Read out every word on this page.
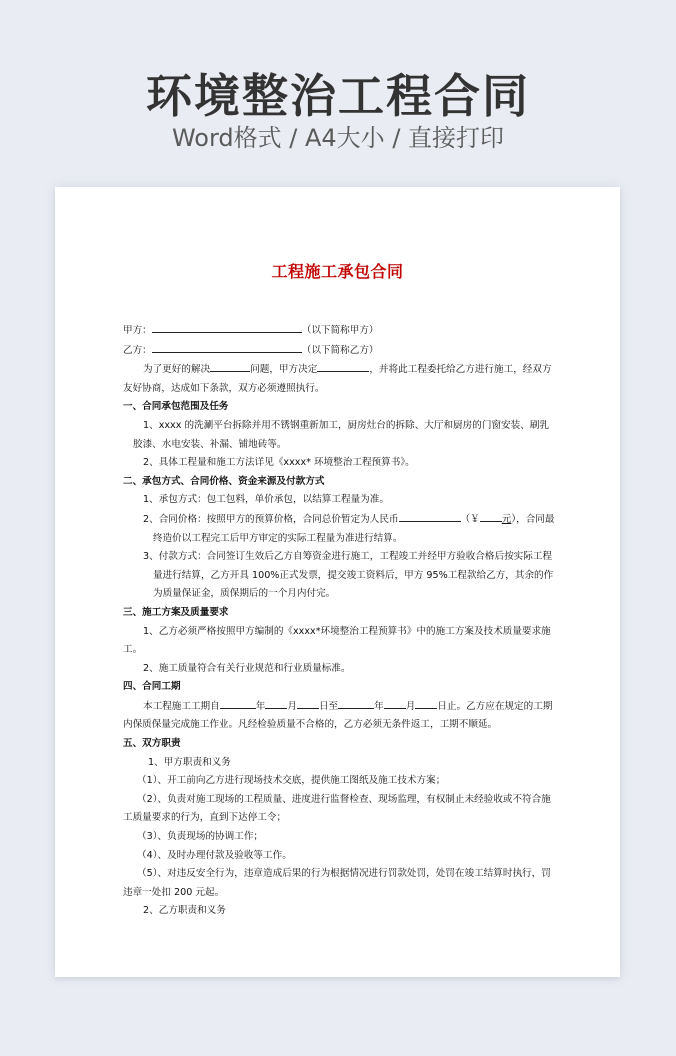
环境整治工程合同
Word格式 / A4大小 / 直接打印
工程施工承包合同
甲方：	（以下简称甲方）
乙方：	（以下简称乙方）
为了更好的解决	问题，甲方决定	，并将此工程委托给乙方进行施工，经双方友好协商，达成如下条款，双方必须遵照执行。
一、合同承包范围及任务
1、xxxx 的洗涮平台拆除并用不锈钢重新加工，厨房灶台的拆除、大厅和厨房的门窗安装、刷乳胶漆、水电安装、补漏、铺地砖等。
2、具体工程量和施工方法详见《xxxx* 环境整治工程预算书》。
二、承包方式、合同价格、资金来源及付款方式
1、承包方式：包工包料，单价承包，以结算工程量为准。
2、合同价格：按照甲方的预算价格，合同总价暂定为人民币	（￥ 元），合同最终造价以工程完工后甲方审定的实际工程量为准进行结算。
3、付款方式：合同签订生效后乙方自筹资金进行施工，工程竣工并经甲方验收合格后按实际工程量进行结算，乙方开具 100%正式发票，提交竣工资料后，甲方 95%工程款给乙方，其余的作为质量保证金，质保期后的一个月内付完。
三、施工方案及质量要求
1、乙方必须严格按照甲方编制的《xxxx*环境整治工程预算书》中的施工方案及技术质量要求施工。
2、施工质量符合有关行业规范和行业质量标准。
四、合同工期
本工程施工工期自	年 月 日至	年 月 日止。乙方应在规定的工期内保质保量完成施工作业。凡经检验质量不合格的，乙方必须无条件返工，工期不顺延。
五、双方职责
1、甲方职责和义务
（1）、开工前向乙方进行现场技术交底，提供施工图纸及施工技术方案；
（2）、负责对施工现场的工程质量、进度进行监督检查、现场监理，有权制止未经验收或不符合施工质量要求的行为，直到下达停工令；
（3）、负责现场的协调工作；
（4）、及时办理付款及验收等工作。
（5）、对违反安全行为，违章造成后果的行为根据情况进行罚款处罚，处罚在竣工结算时执行，罚违章一处扣 200 元起。
2、乙方职责和义务
